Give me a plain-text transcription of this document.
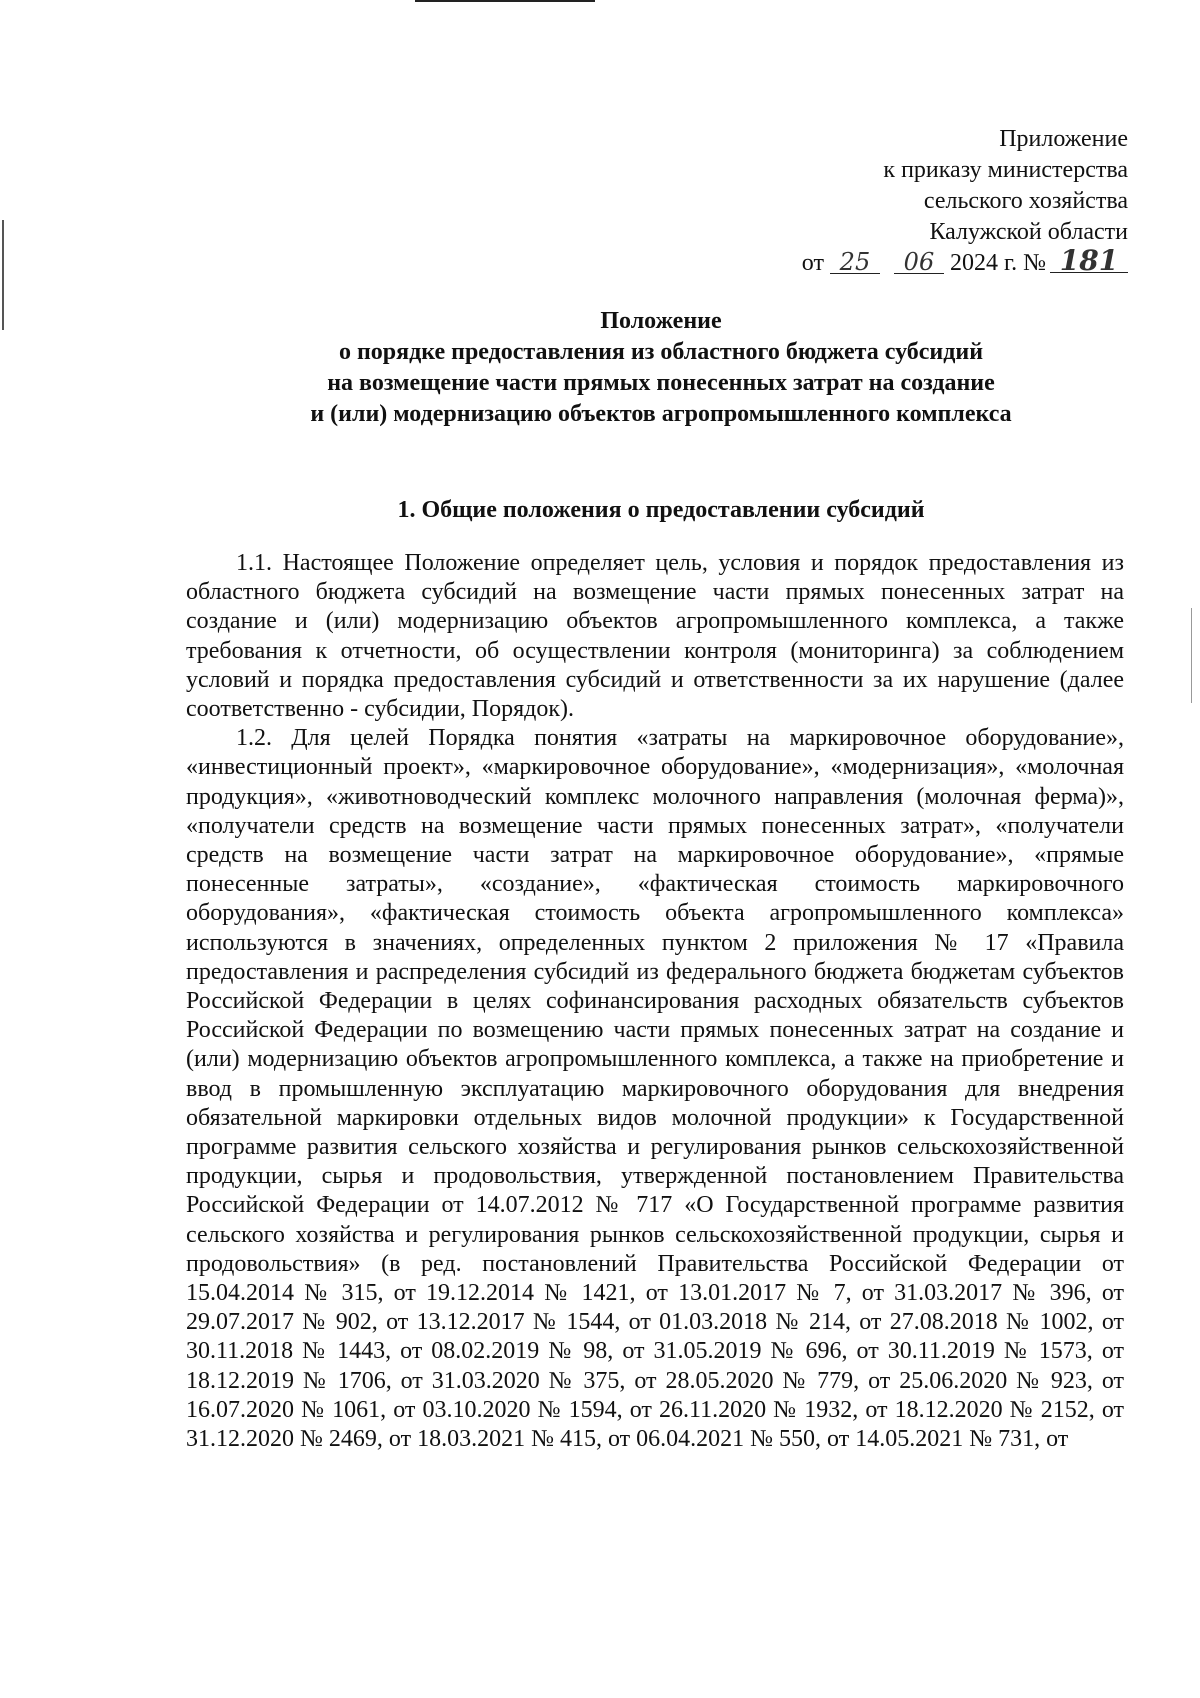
Приложение
к приказу министерства
сельского хозяйства
Калужской области
от 25 06 2024 г. № 181
Положение
о порядке предоставления из областного бюджета субсидий
на возмещение части прямых понесенных затрат на создание
и (или) модернизацию объектов агропромышленного комплекса
1. Общие положения о предоставлении субсидий

1.1. Настоящее Положение определяет цель, условия и порядок предоставления из областного бюджета субсидий на возмещение части прямых понесенных затрат на создание и (или) модернизацию объектов агропромышленного комплекса, а также требования к отчетности, об осуществлении контроля (мониторинга) за соблюдением условий и порядка предоставления субсидий и ответственности за их нарушение (далее соответственно - субсидии, Порядок).

1.2. Для целей Порядка понятия «затраты на маркировочное оборудование», «инвестиционный проект», «маркировочное оборудование», «модернизация», «молочная продукция», «животноводческий комплекс молочного направления (молочная ферма)», «получатели средств на возмещение части прямых понесенных затрат», «получатели средств на возмещение части затрат на маркировочное оборудование», «прямые понесенные затраты», «создание», «фактическая стоимость маркировочного оборудования», «фактическая стоимость объекта агропромышленного комплекса» используются в значениях, определенных пунктом 2 приложения № 17 «Правила предоставления и распределения субсидий из федерального бюджета бюджетам субъектов Российской Федерации в целях софинансирования расходных обязательств субъектов Российской Федерации по возмещению части прямых понесенных затрат на создание и (или) модернизацию объектов агропромышленного комплекса, а также на приобретение и ввод в промышленную эксплуатацию маркировочного оборудования для внедрения обязательной маркировки отдельных видов молочной продукции» к Государственной программе развития сельского хозяйства и регулирования рынков сельскохозяйственной продукции, сырья и продовольствия, утвержденной постановлением Правительства Российской Федерации от 14.07.2012 № 717 «О Государственной программе развития сельского хозяйства и регулирования рынков сельскохозяйственной продукции, сырья и продовольствия» (в ред. постановлений Правительства Российской Федерации от 15.04.2014 № 315, от 19.12.2014 № 1421, от 13.01.2017 № 7, от 31.03.2017 № 396, от 29.07.2017 № 902, от 13.12.2017 № 1544, от 01.03.2018 № 214, от 27.08.2018 № 1002, от 30.11.2018 № 1443, от 08.02.2019 № 98, от 31.05.2019 № 696, от 30.11.2019 № 1573, от 18.12.2019 № 1706, от 31.03.2020 № 375, от 28.05.2020 № 779, от 25.06.2020 № 923, от 16.07.2020 № 1061, от 03.10.2020 № 1594, от 26.11.2020 № 1932, от 18.12.2020 № 2152, от 31.12.2020 № 2469, от 18.03.2021 № 415, от 06.04.2021 № 550, от 14.05.2021 № 731, от
